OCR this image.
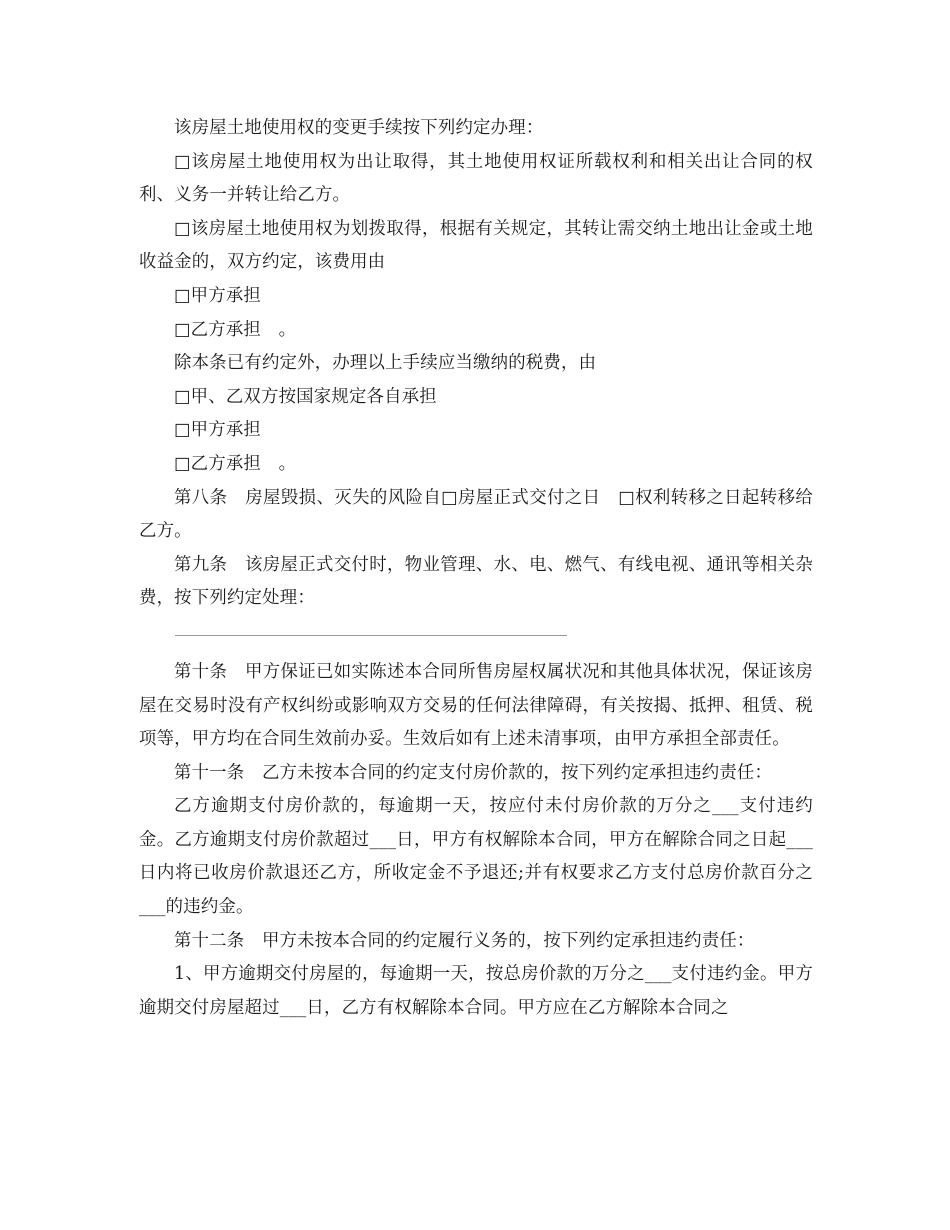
该房屋土地使用权的变更手续按下列约定办理：

□该房屋土地使用权为出让取得，其土地使用权证所载权利和相关出让合同的权利、义务一并转让给乙方。

□该房屋土地使用权为划拨取得，根据有关规定，其转让需交纳土地出让金或土地收益金的，双方约定，该费用由

□甲方承担

□乙方承担　。

除本条已有约定外，办理以上手续应当缴纳的税费，由

□甲、乙双方按国家规定各自承担

□甲方承担

□乙方承担　。

第八条　房屋毁损、灭失的风险自□房屋正式交付之日　□权利转移之日起转移给乙方。

第九条　该房屋正式交付时，物业管理、水、电、燃气、有线电视、通讯等相关杂费，按下列约定处理：

第十条　甲方保证已如实陈述本合同所售房屋权属状况和其他具体状况，保证该房屋在交易时没有产权纠纷或影响双方交易的任何法律障碍，有关按揭、抵押、租赁、税项等，甲方均在合同生效前办妥。生效后如有上述未清事项，由甲方承担全部责任。

第十一条　乙方未按本合同的约定支付房价款的，按下列约定承担违约责任：

乙方逾期支付房价款的，每逾期一天，按应付未付房价款的万分之___支付违约金。乙方逾期支付房价款超过___日，甲方有权解除本合同，甲方在解除合同之日起___日内将已收房价款退还乙方，所收定金不予退还;并有权要求乙方支付总房价款百分之___的违约金。

第十二条　甲方未按本合同的约定履行义务的，按下列约定承担违约责任：

1、甲方逾期交付房屋的，每逾期一天，按总房价款的万分之___支付违约金。甲方逾期交付房屋超过___日，乙方有权解除本合同。甲方应在乙方解除本合同之
